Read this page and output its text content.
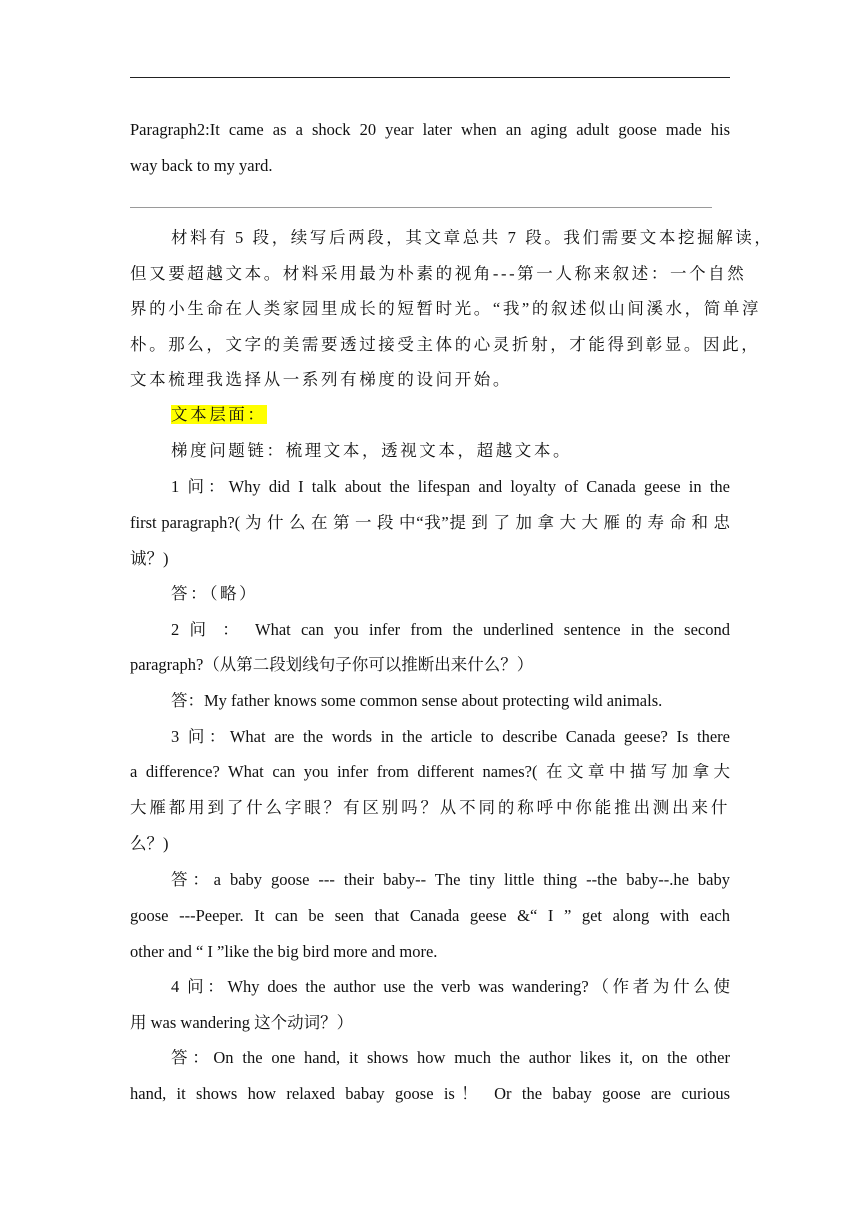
Paragraph2:It came as a shock 20 year later when an aging adult goose made his
way back to my yard.
材料有 5 段，续写后两段，其文章总共 7 段。我们需要文本挖掘解读，
但又要超越文本。材料采用最为朴素的视角---第一人称来叙述：一个自然
界的小生命在人类家园里成长的短暂时光。“我”的叙述似山间溪水，简单淳
朴。那么，文字的美需要透过接受主体的心灵折射，才能得到彰显。因此，
文本梳理我选择从一系列有梯度的设问开始。
文本层面：
梯度问题链：梳理文本，透视文本，超越文本。
1 问：Why did I talk about the lifespan and loyalty of Canada geese in the
first paragraph?( 为 什 么 在 第 一 段 中“我”提 到 了 加 拿 大 大 雁 的 寿 命 和 忠
诚？)
答：（略）
2 问 ： What can you infer from the underlined sentence in the second
paragraph?（从第二段划线句子你可以推断出来什么？）
答：My father knows some common sense about protecting wild animals.
3 问：What are the words in the article to describe Canada geese? Is there
a difference? What can you infer from different names?( 在文章中描写加拿大
大雁都用到了什么字眼？有区别吗？从不同的称呼中你能推出测出来什
么？)
答：a baby goose --- their baby-- The tiny little thing --the baby--.he baby
goose ---Peeper. It can be seen that Canada geese &“ I ” get along with each
other and “ I ”like the big bird more and more.
4 问：Why does the author use the verb was wandering?（作者为什么使
用 was wandering 这个动词？）
答：On the one hand, it shows how much the author likes it, on the other
hand, it shows how relaxed babay goose is！ Or the babay goose are curious
